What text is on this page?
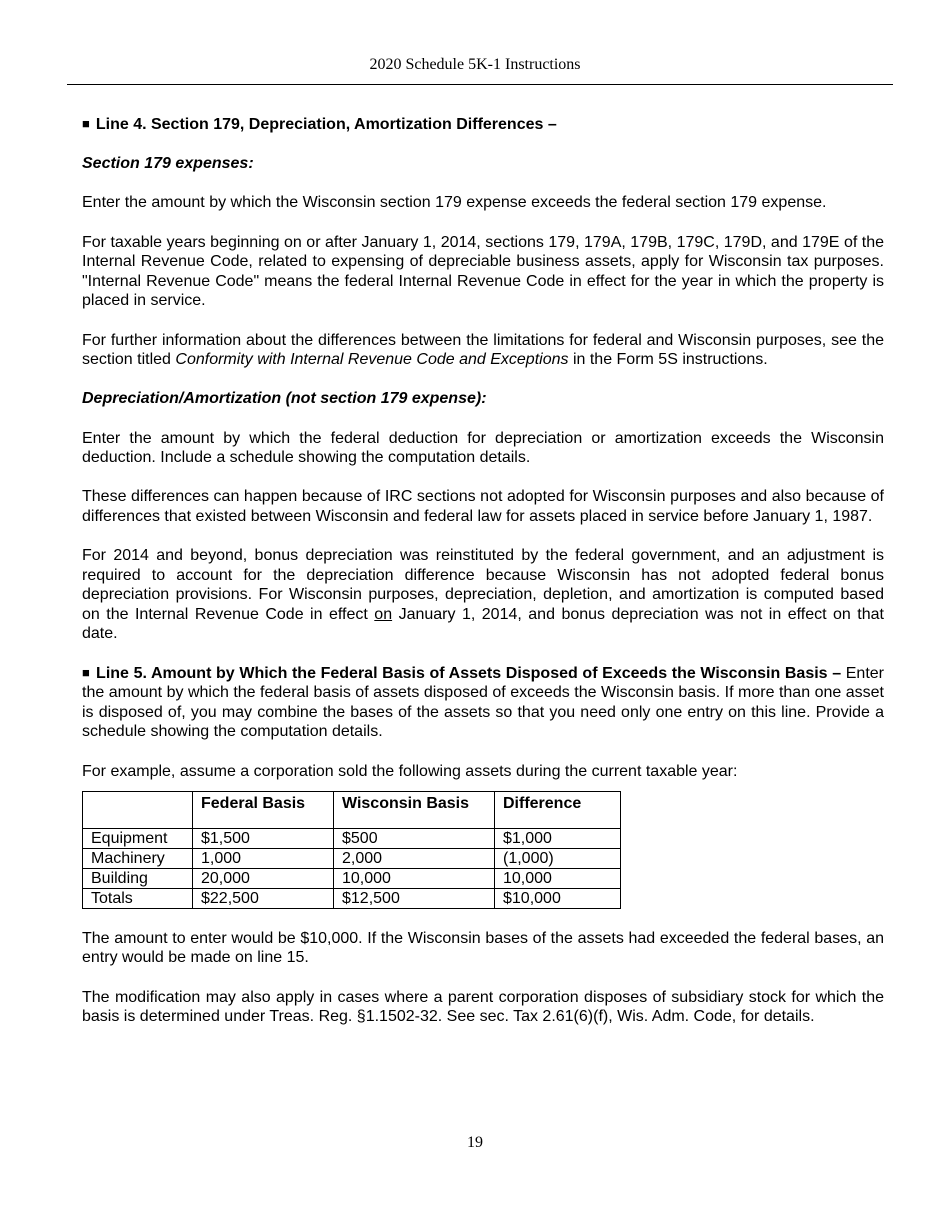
2020 Schedule 5K-1 Instructions

■ Line 4. Section 179, Depreciation, Amortization Differences –

Section 179 expenses:

Enter the amount by which the Wisconsin section 179 expense exceeds the federal section 179 expense.

For taxable years beginning on or after January 1, 2014, sections 179, 179A, 179B, 179C, 179D, and 179E of the Internal Revenue Code, related to expensing of depreciable business assets, apply for Wisconsin tax purposes. "Internal Revenue Code" means the federal Internal Revenue Code in effect for the year in which the property is placed in service.

For further information about the differences between the limitations for federal and Wisconsin purposes, see the section titled Conformity with Internal Revenue Code and Exceptions in the Form 5S instructions.

Depreciation/Amortization (not section 179 expense):

Enter the amount by which the federal deduction for depreciation or amortization exceeds the Wisconsin deduction. Include a schedule showing the computation details.

These differences can happen because of IRC sections not adopted for Wisconsin purposes and also because of differences that existed between Wisconsin and federal law for assets placed in service before January 1, 1987.

For 2014 and beyond, bonus depreciation was reinstituted by the federal government, and an adjustment is required to account for the depreciation difference because Wisconsin has not adopted federal bonus depreciation provisions. For Wisconsin purposes, depreciation, depletion, and amortization is computed based on the Internal Revenue Code in effect on January 1, 2014, and bonus depreciation was not in effect on that date.

■ Line 5. Amount by Which the Federal Basis of Assets Disposed of Exceeds the Wisconsin Basis – Enter the amount by which the federal basis of assets disposed of exceeds the Wisconsin basis. If more than one asset is disposed of, you may combine the bases of the assets so that you need only one entry on this line. Provide a schedule showing the computation details.

For example, assume a corporation sold the following assets during the current taxable year:

	Federal Basis	Wisconsin Basis	Difference
Equipment	$1,500	$500	$1,000
Machinery	1,000	2,000	(1,000)
Building	20,000	10,000	10,000
Totals	$22,500	$12,500	$10,000

The amount to enter would be $10,000. If the Wisconsin bases of the assets had exceeded the federal bases, an entry would be made on line 15.

The modification may also apply in cases where a parent corporation disposes of subsidiary stock for which the basis is determined under Treas. Reg. §1.1502-32. See sec. Tax 2.61(6)(f), Wis. Adm. Code, for details.

19
